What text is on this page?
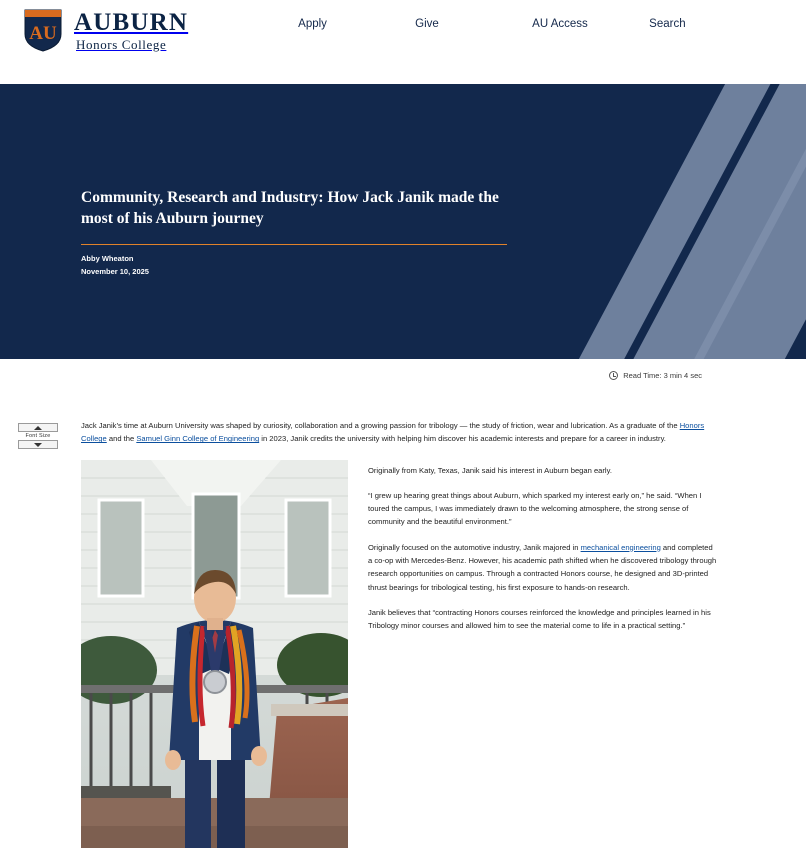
AU AUBURN
Honors College
Apply	Give	AU Access	Search
Community, Research and Industry: How Jack Janik made the most of his Auburn journey
Abby Wheaton
November 10, 2025
Read Time: 3 min 4 sec
Font Size

Jack Janik’s time at Auburn University was shaped by curiosity, collaboration and a growing passion for tribology — the study of friction, wear and lubrication. As a graduate of the Honors College and the Samuel Ginn College of Engineering in 2023, Janik credits the university with helping him discover his academic interests and prepare for a career in industry.

Originally from Katy, Texas, Janik said his interest in Auburn began early.

“I grew up hearing great things about Auburn, which sparked my interest early on,” he said. “When I toured the campus, I was immediately drawn to the welcoming atmosphere, the strong sense of community and the beautiful environment.”

Originally focused on the automotive industry, Janik majored in mechanical engineering and completed a co-op with Mercedes-Benz. However, his academic path shifted when he discovered tribology through research opportunities on campus. Through a contracted Honors course, he designed and 3D-printed thrust bearings for tribological testing, his first exposure to hands-on research.

Janik believes that “contracting Honors courses reinforced the knowledge and principles learned in his Tribology minor courses and allowed him to see the material come to life in a practical setting.”
